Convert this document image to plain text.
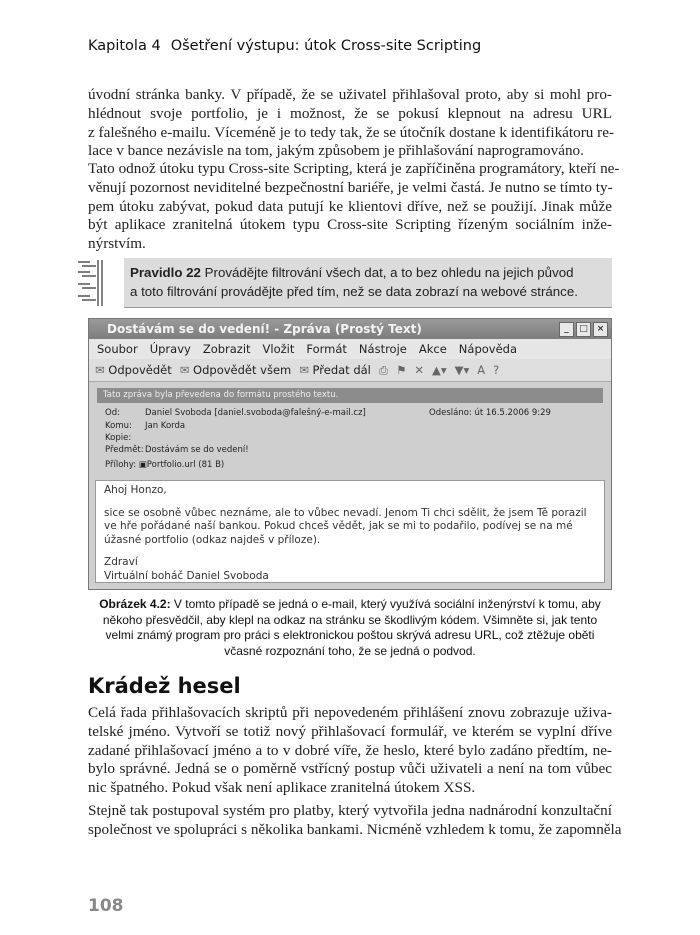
Kapitola 4 Ošetření výstupu: útok Cross-site Scripting
úvodní stránka banky. V případě, že se uživatel přihlašoval proto, aby si mohl pro-
hlédnout svoje portfolio, je i možnost, že se pokusí klepnout na adresu URL
z falešného e-mailu. Víceméně je to tedy tak, že se útočník dostane k identifikátoru re-
lace v bance nezávisle na tom, jakým způsobem je přihlašování naprogramováno.
Tato odnož útoku typu Cross-site Scripting, která je zapříčiněna programátory, kteří ne-
věnují pozornost neviditelné bezpečnostní bariéře, je velmi častá. Je nutno se tímto ty-
pem útoku zabývat, pokud data putují ke klientovi dříve, než se použijí. Jinak může
být aplikace zranitelná útokem typu Cross-site Scripting řízeným sociálním inže-
nýrstvím.
Pravidlo 22 Provádějte filtrování všech dat, a to bez ohledu na jejich původ
a toto filtrování provádějte před tím, než se data zobrazí na webové stránce.
Dostávám se do vedení! - Zpráva (Prostý Text)	_	□ ×
Soubor Úpravy Zobrazit Vložit Formát Nástroje Akce Nápověda
✉ Odpovědět ✉ Odpovědět všem ✉ Předat dál ⎙ ⚑ ✕ ▲▾ ▼▾ A ?
Tato zpráva byla převedena do formátu prostého textu.
Od:	Daniel Svoboda [daniel.svoboda@falešný-e-mail.cz]	Odesláno: út 16.5.2006 9:29
Komu: Jan Korda
Kopie:
Předmět:Dostávám se do vedení!
Přílohy: ▣Portfolio.url (81 B)

Ahoj Honzo,

sice se osobně vůbec neznáme, ale to vůbec nevadí. Jenom Ti chci sdělit, že jsem Tě porazil ve hře pořádané naší bankou. Pokud chceš vědět, jak se mi to podařilo, podívej se na mé úžasné portfolio (odkaz najdeš v příloze).

Zdraví
Virtuální boháč Daniel Svoboda
Obrázek 4.2: V tomto případě se jedná o e-mail, který využívá sociální inženýrství k tomu, aby někoho přesvědčil, aby klepl na odkaz na stránku se škodlivým kódem. Všimněte si, jak tento velmi známý program pro práci s elektronickou poštou skrývá adresu URL, což ztěžuje oběti včasné rozpoznání toho, že se jedná o podvod.
Krádež hesel
Celá řada přihlašovacích skriptů při nepovedeném přihlášení znovu zobrazuje uživa-
telské jméno. Vytvoří se totiž nový přihlašovací formulář, ve kterém se vyplní dříve
zadané přihlašovací jméno a to v dobré víře, že heslo, které bylo zadáno předtím, ne-
bylo správné. Jedná se o poměrně vstřícný postup vůči uživateli a není na tom vůbec
nic špatného. Pokud však není aplikace zranitelná útokem XSS.
Stejně tak postupoval systém pro platby, který vytvořila jedna nadnárodní konzultační
společnost ve spolupráci s několika bankami. Nicméně vzhledem k tomu, že zapomněla
108
